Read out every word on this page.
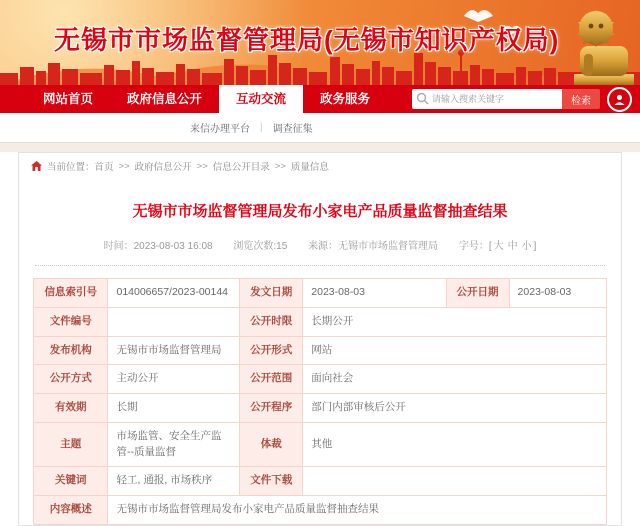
无锡市市场监督管理局(无锡市知识产权局)
网站首页	政府信息公开	互动交流	政务服务
请输入搜索关键字	检索
来信办理平台 | 调查征集
当前位置： 首页 >> 政府信息公开 >> 信息公开目录 >> 质量信息
无锡市市场监督管理局发布小家电产品质量监督抽查结果
时间：2023-08-03 16:08 浏览次数:15 来源：无锡市市场监督管理局 字号：[ 大 中 小 ]
信息索引号	014006657/2023-00144	发文日期	2023-08-03	公开日期	2023-08-03
文件编号		公开时限	长期公开		
发布机构	无锡市市场监督管理局	公开形式	网站		
公开方式	主动公开	公开范围	面向社会		
有效期	长期	公开程序	部门内部审核后公开		
主题	市场监管、安全生产监管--质量监督	体裁	其他		
关键词	轻工, 通报, 市场秩序	文件下载			
内容概述	无锡市市场监督管理局发布小家电产品质量监督抽查结果				
